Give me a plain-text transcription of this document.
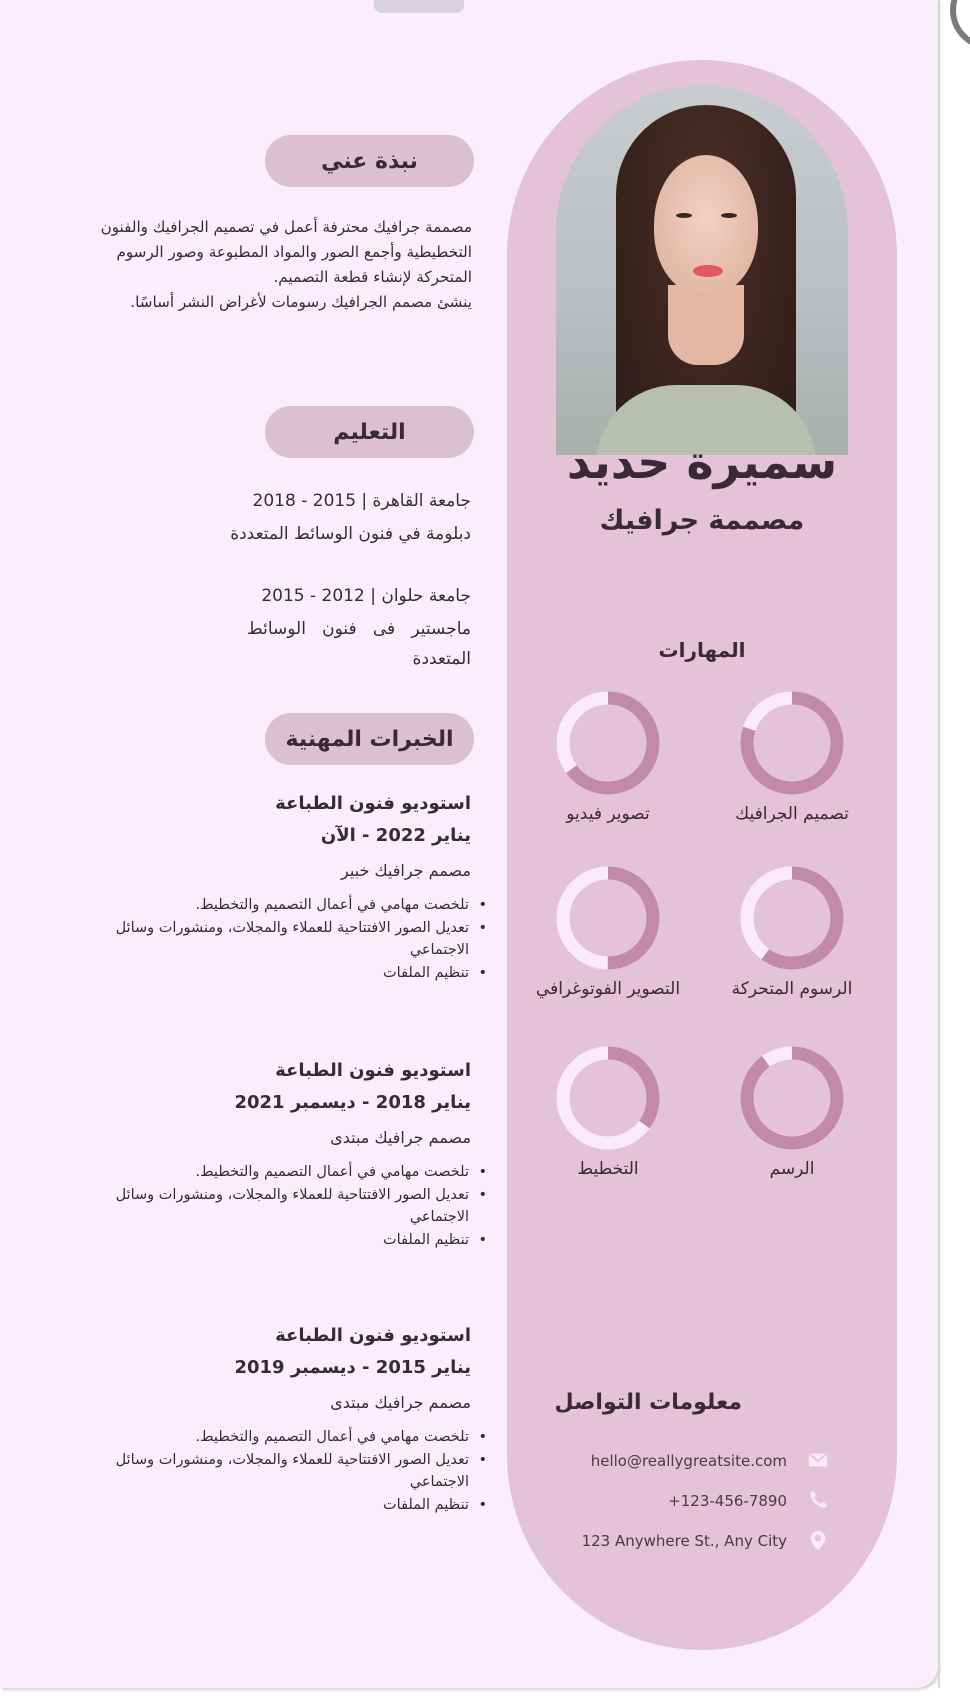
نبذة عني

مصممة جرافيك محترفة أعمل في تصميم الجرافيك والفنون

التخطيطية وأجمع الصور والمواد المطبوعة وصور الرسوم

المتحركة لإنشاء قطعة التصميم.

ينشئ مصمم الجرافيك رسومات لأغراض النشر أساسًا.

التعليم
جامعة القاهرة | 2015 - 2018
دبلومة في فنون الوسائط المتعددة
جامعة حلوان | 2012 - 2015
ماجستير   فى   فنون   الوسائط
المتعددة
الخبرات المهنية
استوديو فنون الطباعة
يناير 2022 - الآن
مصمم جرافيك خبير
• تلخصت مهامي في أعمال التصميم والتخطيط.
• تعديل الصور الافتتاحية للعملاء والمجلات، ومنشورات وسائل
الاجتماعي
• تنظيم الملفات
استوديو فنون الطباعة
يناير 2018 - ديسمبر 2021
مصمم جرافيك مبتدى
• تلخصت مهامي في أعمال التصميم والتخطيط.
• تعديل الصور الافتتاحية للعملاء والمجلات، ومنشورات وسائل
الاجتماعي
• تنظيم الملفات
استوديو فنون الطباعة
يناير 2015 - ديسمبر 2019
مصمم جرافيك مبتدى
• تلخصت مهامي في أعمال التصميم والتخطيط.
• تعديل الصور الافتتاحية للعملاء والمجلات، ومنشورات وسائل
الاجتماعي
• تنظيم الملفات
سميرة حديد
مصممة جرافيك
المهارات
تصميم الجرافيك
تصوير فيديو
الرسوم المتحركة
التصوير الفوتوغرافي
الرسم
التخطيط
معلومات التواصل
hello@reallygreatsite.com
+123-456-7890
123 Anywhere St., Any City
